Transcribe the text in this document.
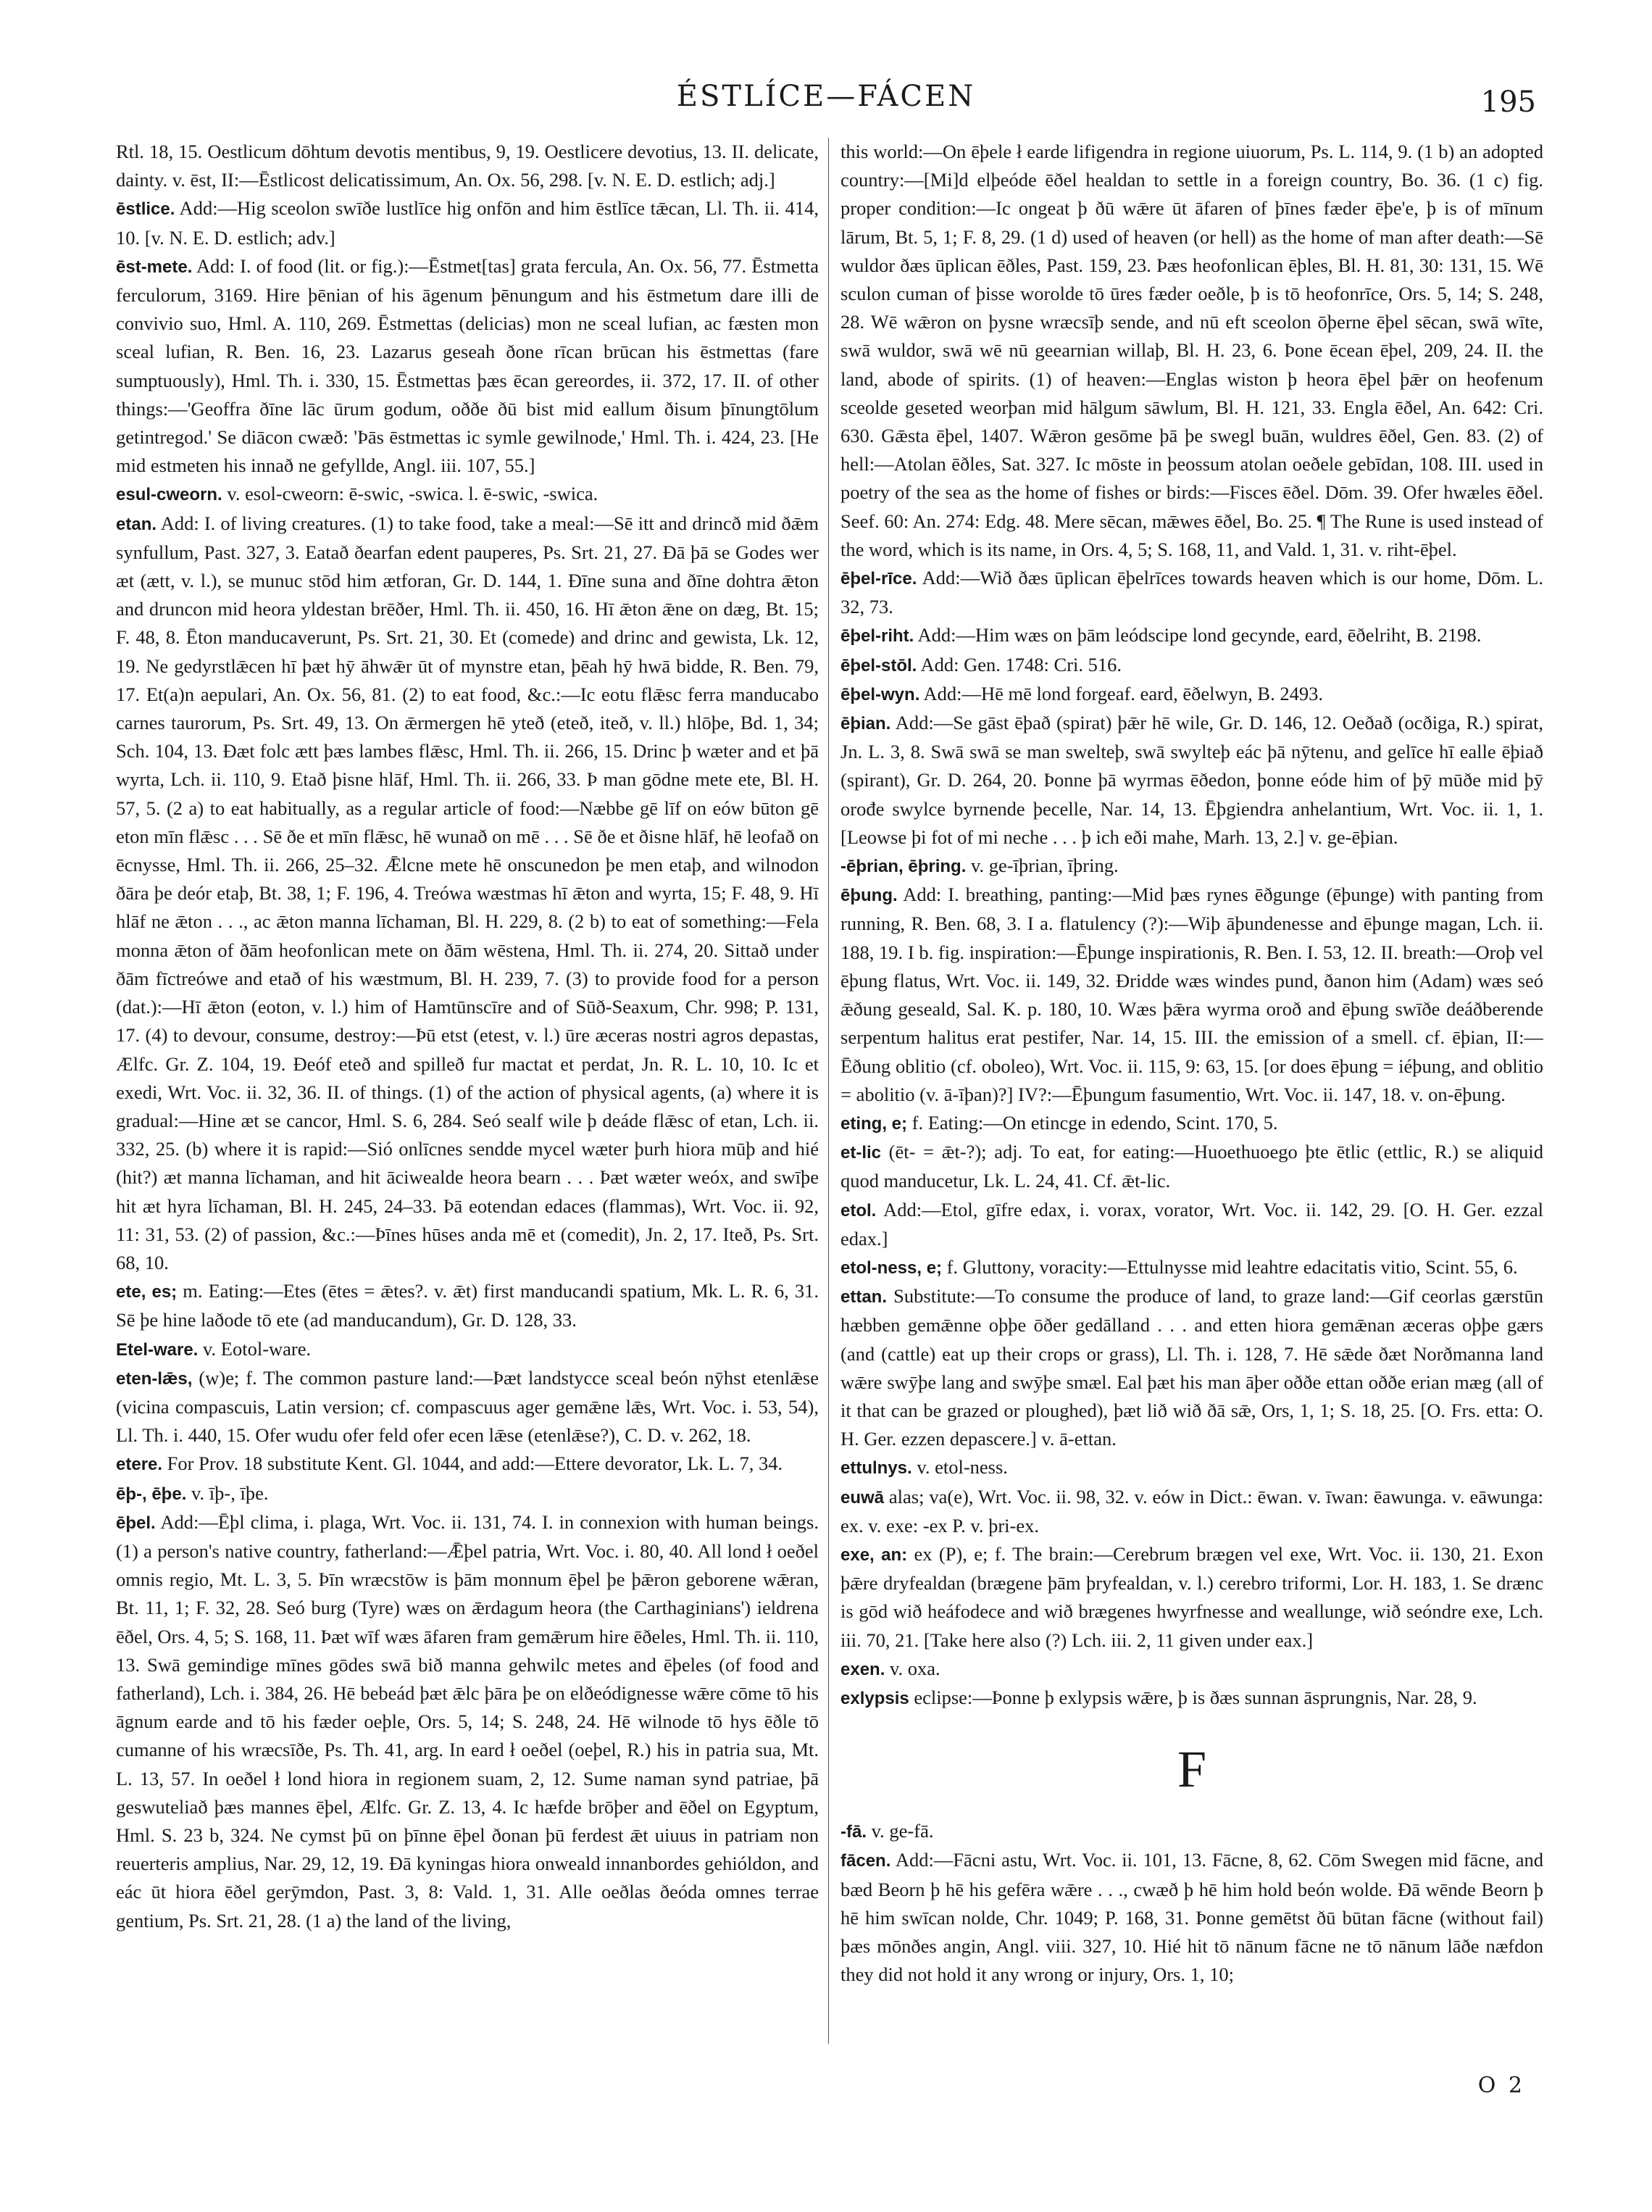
ÉSTLÍCE—FÁCEN	195

Rtl. 18, 15. Oestlicum dōhtum devotis mentibus, 9, 19. Oestlicere devotius, 13. II. delicate, dainty. v. ēst, II:—Ēstlicost delicatissimum, An. Ox. 56, 298. [v. N. E. D. estlich; adj.]

ēstlice. Add:—Hig sceolon swīðe lustlīce hig onfōn and him ēstlīce tǣcan, Ll. Th. ii. 414, 10. [v. N. E. D. estlich; adv.]

ēst-mete. Add: I. of food (lit. or fig.):—Ēstmet[tas] grata fercula, An. Ox. 56, 77. Ēstmetta ferculorum, 3169. Hire þēnian of his āgenum þēnungum and his ēstmetum dare illi de convivio suo, Hml. A. 110, 269. Ēstmettas (delicias) mon ne sceal lufian, ac fæsten mon sceal lufian, R. Ben. 16, 23. Lazarus geseah ðone rīcan brūcan his ēstmettas (fare sumptuously), Hml. Th. i. 330, 15. Ēstmettas þæs ēcan gereordes, ii. 372, 17. II. of other things:—'Geoffra ðīne lāc ūrum godum, oððe ðū bist mid eallum ðisum þīnungtōlum getintregod.' Se diācon cwæð: 'Þās ēstmettas ic symle gewilnode,' Hml. Th. i. 424, 23. [He mid estmeten his innað ne gefyllde, Angl. iii. 107, 55.]

esul-cweorn. v. esol-cweorn: ē-swic, -swica. l. ē-swic, -swica.

etan. Add: I. of living creatures. (1) to take food, take a meal:—Sē itt and drincð mid ðǣm synfullum, Past. 327, 3. Eatað ðearfan edent pauperes, Ps. Srt. 21, 27. Ðā þā se Godes wer æt (ætt, v. l.), se munuc stōd him ætforan, Gr. D. 144, 1. Ðīne suna and ðīne dohtra ǣton and druncon mid heora yldestan brēðer, Hml. Th. ii. 450, 16. Hī ǣton ǣne on dæg, Bt. 15; F. 48, 8. Ēton manducaverunt, Ps. Srt. 21, 30. Et (comede) and drinc and gewista, Lk. 12, 19. Ne gedyrstlǣcen hī þæt hȳ āhwǣr ūt of mynstre etan, þēah hȳ hwā bidde, R. Ben. 79, 17. Et(a)n aepulari, An. Ox. 56, 81. (2) to eat food, &c.:—Ic eotu flǣsc ferra manducabo carnes taurorum, Ps. Srt. 49, 13. On ǣrmergen hē yteð (eteð, iteð, v. ll.) hlōþe, Bd. 1, 34; Sch. 104, 13. Ðæt folc ætt þæs lambes flǣsc, Hml. Th. ii. 266, 15. Drinc þ wæter and et þā wyrta, Lch. ii. 110, 9. Etað þisne hlāf, Hml. Th. ii. 266, 33. Þ man gōdne mete ete, Bl. H. 57, 5. (2 a) to eat habitually, as a regular article of food:—Næbbe gē līf on eów būton gē eton mīn flǣsc . . . Sē ðe et mīn flǣsc, hē wunað on mē . . . Sē ðe et ðisne hlāf, hē leofað on ēcnysse, Hml. Th. ii. 266, 25–32. Ǣlcne mete hē onscunedon þe men etaþ, and wilnodon ðāra þe deór etaþ, Bt. 38, 1; F. 196, 4. Treówa wæstmas hī ǣton and wyrta, 15; F. 48, 9. Hī hlāf ne ǣton . . ., ac ǣton manna līchaman, Bl. H. 229, 8. (2 b) to eat of something:—Fela monna ǣton of ðām heofonlican mete on ðām wēstena, Hml. Th. ii. 274, 20. Sittað under ðām fīctreówe and etað of his wæstmum, Bl. H. 239, 7. (3) to provide food for a person (dat.):—Hī ǣton (eoton, v. l.) him of Hamtūnscīre and of Sūð-Seaxum, Chr. 998; P. 131, 17. (4) to devour, consume, destroy:—Þū etst (etest, v. l.) ūre æceras nostri agros depastas, Ælfc. Gr. Z. 104, 19. Ðeóf eteð and spilleð fur mactat et perdat, Jn. R. L. 10, 10. Ic et exedi, Wrt. Voc. ii. 32, 36. II. of things. (1) of the action of physical agents, (a) where it is gradual:—Hine æt se cancor, Hml. S. 6, 284. Seó sealf wile þ deáde flǣsc of etan, Lch. ii. 332, 25. (b) where it is rapid:—Sió onlīcnes sendde mycel wæter þurh hiora mūþ and hié (hit?) æt manna līchaman, and hit āciwealde heora bearn . . . Þæt wæter weóx, and swīþe hit æt hyra līchaman, Bl. H. 245, 24–33. Þā eotendan edaces (flammas), Wrt. Voc. ii. 92, 11: 31, 53. (2) of passion, &c.:—Þīnes hūses anda mē et (comedit), Jn. 2, 17. Iteð, Ps. Srt. 68, 10.

ete, es; m. Eating:—Etes (ētes = ǣtes?. v. ǣt) first manducandi spatium, Mk. L. R. 6, 31. Sē þe hine laðode tō ete (ad manducandum), Gr. D. 128, 33.

Etel-ware. v. Eotol-ware.

eten-lǣs, (w)e; f. The common pasture land:—Þæt landstycce sceal beón nȳhst etenlǣse (vicina compascuis, Latin version; cf. compascuus ager gemǣne lǣs, Wrt. Voc. i. 53, 54), Ll. Th. i. 440, 15. Ofer wudu ofer feld ofer ecen lǣse (etenlǣse?), C. D. v. 262, 18.

etere. For Prov. 18 substitute Kent. Gl. 1044, and add:—Ettere devorator, Lk. L. 7, 34.

ēþ-, ēþe. v. īþ-, īþe.

ēþel. Add:—Ēþl clima, i. plaga, Wrt. Voc. ii. 131, 74. I. in connexion with human beings. (1) a person's native country, fatherland:—Ǣþel patria, Wrt. Voc. i. 80, 40. All lond ł oeðel omnis regio, Mt. L. 3, 5. Þīn wræcstōw is þām monnum ēþel þe þǣron geborene wǣran, Bt. 11, 1; F. 32, 28. Seó burg (Tyre) wæs on ǣrdagum heora (the Carthaginians') ieldrena ēðel, Ors. 4, 5; S. 168, 11. Þæt wīf wæs āfaren fram gemǣrum hire ēðeles, Hml. Th. ii. 110, 13. Swā gemindige mīnes gōdes swā bið manna gehwilc metes and ēþeles (of food and fatherland), Lch. i. 384, 26. Hē bebeád þæt ǣlc þāra þe on elðeódignesse wǣre cōme tō his āgnum earde and tō his fæder oeþle, Ors. 5, 14; S. 248, 24. Hē wilnode tō hys ēðle tō cumanne of his wræcsīðe, Ps. Th. 41, arg. In eard ł oeðel (oeþel, R.) his in patria sua, Mt. L. 13, 57. In oeðel ł lond hiora in regionem suam, 2, 12. Sume naman synd patriae, þā geswuteliað þæs mannes ēþel, Ælfc. Gr. Z. 13, 4. Ic hæfde brōþer and ēðel on Egyptum, Hml. S. 23 b, 324. Ne cymst þū on þīnne ēþel ðonan þū ferdest ǣt uiuus in patriam non reuerteris amplius, Nar. 29, 12, 19. Ðā kyningas hiora onweald innanbordes gehióldon, and eác ūt hiora ēðel gerȳmdon, Past. 3, 8: Vald. 1, 31. Alle oeðlas ðeóda omnes terrae gentium, Ps. Srt. 21, 28. (1 a) the land of the living,

this world:—On ēþele ł earde lifigendra in regione uiuorum, Ps. L. 114, 9. (1 b) an adopted country:—[Mi]d elþeóde ēðel healdan to settle in a foreign country, Bo. 36. (1 c) fig. proper condition:—Ic ongeat þ ðū wǣre ūt āfaren of þīnes fæder ēþe'e, þ is of mīnum lārum, Bt. 5, 1; F. 8, 29. (1 d) used of heaven (or hell) as the home of man after death:—Sē wuldor ðæs ūplican ēðles, Past. 159, 23. Þæs heofonlican ēþles, Bl. H. 81, 30: 131, 15. Wē sculon cuman of þisse woroldе tō ūres fæder oeðle, þ is tō heofonrīce, Ors. 5, 14; S. 248, 28. Wē wǣron on þysne wræcsīþ sende, and nū eft sceolon ōþerne ēþel sēcan, swā wīte, swā wuldor, swā wē nū geearnian willaþ, Bl. H. 23, 6. Þone ēcean ēþel, 209, 24. II. the land, abode of spirits. (1) of heaven:—Englas wiston þ heora ēþel þǣr on heofenum sceolde geseted weorþan mid hālgum sāwlum, Bl. H. 121, 33. Engla ēðel, An. 642: Cri. 630. Gǣsta ēþel, 1407. Wǣron gesōme þā þe swegl buān, wuldres ēðel, Gen. 83. (2) of hell:—Atolan ēðles, Sat. 327. Ic mōste in þeossum atolan oeðele gebīdan, 108. III. used in poetry of the sea as the home of fishes or birds:—Fisces ēðel. Dōm. 39. Ofer hwæles ēðel. Seef. 60: An. 274: Edg. 48. Mere sēcan, mǣwes ēðel, Bo. 25. ¶ The Rune is used instead of the word, which is its name, in Ors. 4, 5; S. 168, 11, and Vald. 1, 31. v. riht-ēþel.

ēþel-rīce. Add:—Wið ðæs ūplican ēþelrīces towards heaven which is our home, Dōm. L. 32, 73.

ēþel-riht. Add:—Him wæs on þām leódscipe lond gecynde, eard, ēðelriht, B. 2198.

ēþel-stōl. Add: Gen. 1748: Cri. 516.

ēþel-wyn. Add:—Hē mē lond forgeaf. eard, ēðelwyn, B. 2493.

ēþian. Add:—Se gāst ēþað (spirat) þǣr hē wile, Gr. D. 146, 12. Oeðað (ocðiga, R.) spirat, Jn. L. 3, 8. Swā swā se man swelteþ, swā swylteþ eác þā nȳtenu, and gelīce hī ealle ēþiað (spirant), Gr. D. 264, 20. Þonne þā wyrmas ēðedon, þonne eóde him of þȳ mūðe mid þȳ orođe swylce byrnende þecelle, Nar. 14, 13. Ēþgiendra anhelantium, Wrt. Voc. ii. 1, 1. [Leowse þi fot of mi neche . . . þ ich eði mahe, Marh. 13, 2.] v. ge-ēþian.

-ēþrian, ēþring. v. ge-īþrian, īþring.

ēþung. Add: I. breathing, panting:—Mid þæs rynes ēðgunge (ēþunge) with panting from running, R. Ben. 68, 3. I a. flatulency (?):—Wiþ āþundenesse and ēþunge magan, Lch. ii. 188, 19. I b. fig. inspiration:—Ēþunge inspirationis, R. Ben. I. 53, 12. II. breath:—Oroþ vel ēþung flatus, Wrt. Voc. ii. 149, 32. Ðridde wæs windes pund, ðanon him (Adam) wæs seó ǣðung geseald, Sal. K. p. 180, 10. Wæs þǣra wyrma oroð and ēþung swīðe deáðberende serpentum halitus erat pestifer, Nar. 14, 15. III. the emission of a smell. cf. ēþian, II:—Ēðung oblitio (cf. oboleo), Wrt. Voc. ii. 115, 9: 63, 15. [or does ēþung = iéþung, and oblitio = abolitio (v. ā-īþan)?] IV?:—Ēþungum fasumentio, Wrt. Voc. ii. 147, 18. v. on-ēþung.

eting, e; f. Eating:—On etincge in edendo, Scint. 170, 5.

et-lic (ēt- = ǣt-?); adj. To eat, for eating:—Huoethuoego þte ētlic (ettlic, R.) se aliquid quod manducetur, Lk. L. 24, 41. Cf. ǣt-lic.

etol. Add:—Etol, gīfre edax, i. vorax, vorator, Wrt. Voc. ii. 142, 29. [O. H. Ger. ezzal edax.]

etol-ness, e; f. Gluttony, voracity:—Ettulnysse mid leahtre edacitatis vitio, Scint. 55, 6.

ettan. Substitute:—To consume the produce of land, to graze land:—Gif ceorlas gærstūn hæbben gemǣnne oþþe ōðer gedālland . . . and etten hiora gemǣnan æceras oþþe gærs (and (cattle) eat up their crops or grass), Ll. Th. i. 128, 7. Hē sǣde ðæt Norðmanna land wǣre swȳþe lang and swȳþe smæl. Eal þæt his man āþer oððe ettan oððe erian mæg (all of it that can be grazed or ploughed), þæt lið wið ðā sǣ, Ors, 1, 1; S. 18, 25. [O. Frs. etta: O. H. Ger. ezzen depascere.] v. ā-ettan.

ettulnys. v. etol-ness.

euwā alas; va(e), Wrt. Voc. ii. 98, 32. v. eów in Dict.: ēwan. v. īwan: ēawunga. v. eāwunga: ex. v. exe: -ex P. v. þri-ex.

exe, an: ex (P), e; f. The brain:—Cerebrum brægen vel exe, Wrt. Voc. ii. 130, 21. Exon þǣre dryfealdan (brægene þām þryfealdan, v. l.) cerebro triformi, Lor. H. 183, 1. Se drænc is gōd wið heáfodece and wið brægenes hwyrfnesse and weallunge, wið seóndre exe, Lch. iii. 70, 21. [Take here also (?) Lch. iii. 2, 11 given under eax.]

exen. v. oxa.

exlypsis eclipse:—Þonne þ exlypsis wǣre, þ is ðæs sunnan āsprungnis, Nar. 28, 9.

F

-fā. v. ge-fā.

fācen. Add:—Fācni astu, Wrt. Voc. ii. 101, 13. Fācne, 8, 62. Cōm Swegen mid fācne, and bæd Beorn þ hē his gefēra wǣre . . ., cwæð þ hē him hold beón wolde. Ðā wēnde Beorn þ hē him swīcan nolde, Chr. 1049; P. 168, 31. Þonne gemētst ðū būtan fācne (without fail) þæs mōnðes angin, Angl. viii. 327, 10. Hié hit tō nānum fācne ne tō nānum lāðe næfdon they did not hold it any wrong or injury, Ors. 1, 10;

O 2
